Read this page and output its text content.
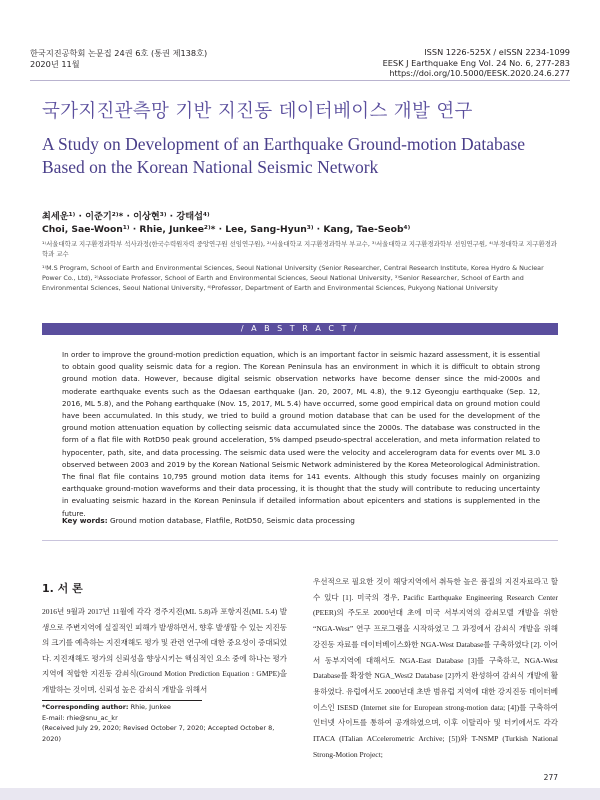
한국지진공학회 논문집 24권 6호 (통권 제138호)
2020년 11월
ISSN 1226-525X / eISSN 2234-1099
EESK J Earthquake Eng Vol. 24 No. 6, 277-283
https://doi.org/10.5000/EESK.2020.24.6.277
국가지진관측망 기반 지진동 데이터베이스 개발 연구
A Study on Development of an Earthquake Ground-motion Database Based on the Korean National Seismic Network
최세운¹⁾ · 이준기²⁾* · 이상현³⁾ · 강태섭⁴⁾
Choi, Sae-Woon¹⁾ · Rhie, Junkee²⁾* · Lee, Sang-Hyun³⁾ · Kang, Tae-Seob⁴⁾
¹⁾서울대학교 지구환경과학부 석사과정(한국수력원자력 중앙연구원 선임연구원), ²⁾서울대학교 지구환경과학부 부교수, ³⁾서울대학교 지구환경과학부 선임연구원, ⁴⁾부경대학교 지구환경과학과 교수
¹⁾M.S Program, School of Earth and Environmental Sciences, Seoul National University (Senior Researcher, Central Research Institute, Korea Hydro & Nuclear Power Co., Ltd), ²⁾Associate Professor, School of Earth and Environmental Sciences, Seoul National University, ³⁾Senior Researcher, School of Earth and Environmental Sciences, Seoul National University, ⁴⁾Professor, Department of Earth and Environmental Sciences, Pukyong National University
/ A B S T R A C T /
In order to improve the ground-motion prediction equation, which is an important factor in seismic hazard assessment, it is essential to obtain good quality seismic data for a region. The Korean Peninsula has an environment in which it is difficult to obtain strong ground motion data. However, because digital seismic observation networks have become denser since the mid-2000s and moderate earthquake events such as the Odaesan earthquake (Jan. 20, 2007, ML 4.8), the 9.12 Gyeongju earthquake (Sep. 12, 2016, ML 5.8), and the Pohang earthquake (Nov. 15, 2017, ML 5.4) have occurred, some good empirical data on ground motion could have been accumulated. In this study, we tried to build a ground motion database that can be used for the development of the ground motion attenuation equation by collecting seismic data accumulated since the 2000s. The database was constructed in the form of a flat file with RotD50 peak ground acceleration, 5% damped pseudo-spectral acceleration, and meta information related to hypocenter, path, site, and data processing. The seismic data used were the velocity and accelerogram data for events over ML 3.0 observed between 2003 and 2019 by the Korean National Seismic Network administered by the Korea Meteorological Administration. The final flat file contains 10,795 ground motion data items for 141 events. Although this study focuses mainly on organizing earthquake ground-motion waveforms and their data processing, it is thought that the study will contribute to reducing uncertainty in evaluating seismic hazard in the Korean Peninsula if detailed information about epicenters and stations is supplemented in the future.
Key words: Ground motion database, Flatfile, RotD50, Seismic data processing
1. 서 론
2016년 9월과 2017년 11월에 각각 경주지진(ML 5.8)과 포항지진(ML 5.4) 발생으로 주변지역에 실질적인 피해가 발생하면서, 향후 발생할 수 있는 지진동의 크기를 예측하는 지진재해도 평가 및 관련 연구에 대한 중요성이 증대되었다. 지진재해도 평가의 신뢰성을 향상시키는 핵심적인 요소 중에 하나는 평가 지역에 적합한 지진동 감쇠식(Ground Motion Prediction Equation : GMPE)을 개발하는 것이며, 신뢰성 높은 감쇠식 개발을 위해서
우선적으로 필요한 것이 해당지역에서 취득한 높은 품질의 지진자료라고 할 수 있다 [1]. 미국의 경우, Pacific Earthquake Engineering Research Center (PEER)의 주도로 2000년대 초에 미국 서부지역의 감쇠모델 개발을 위한 “NGA-West” 연구 프로그램을 시작하였고 그 과정에서 감쇠식 개발을 위해 강진동 자료를 데이터베이스화한 NGA-West Database를 구축하였다 [2]. 이어서 동부지역에 대해서도 NGA-East Database [3]를 구축하고, NGA-West Database를 확장한 NGA_West2 Database [2]까지 완성하여 감쇠식 개발에 활용하였다. 유럽에서도 2000년대 초반 범유럽 지역에 대한 강지진동 데이터베이스인 ISESD (Internet site for European strong-motion data; [4])를 구축하여 인터넷 사이트를 통하여 공개하였으며, 이후 이탈리아 및 터키에서도 각각 ITACA (ITalian ACcelerometric Archive; [5])와 T-NSMP (Turkish National Strong-Motion Project;
*Corresponding author: Rhie, Junkee
E-mail: rhie@snu_ac_kr
(Received July 29, 2020; Revised October 7, 2020; Accepted October 8, 2020)
277
